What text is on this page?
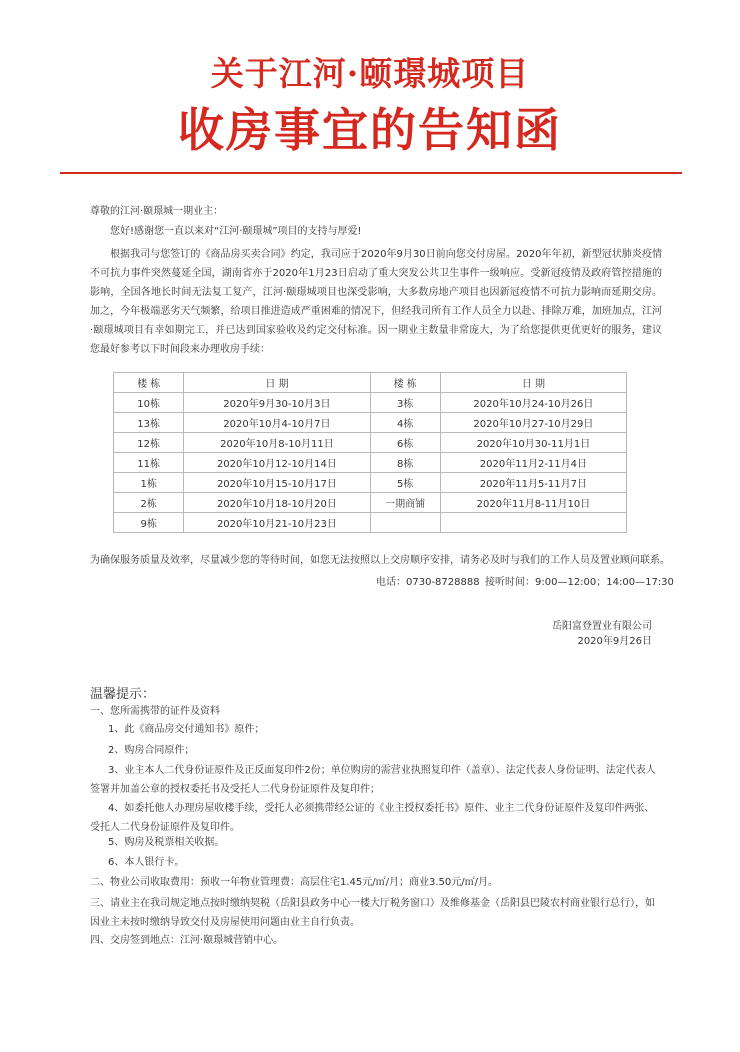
关于江河·颐璟城项目
收房事宜的告知函
尊敬的江河·颐璟城一期业主：
您好!感谢您一直以来对“江河·颐璟城”项目的支持与厚爱!
根据我司与您签订的《商品房买卖合同》约定，我司应于2020年9月30日前向您交付房屋。2020年年初，新型冠状肺炎疫情不可抗力事件突然蔓延全国，湖南省亦于2020年1月23日启动了重大突发公共卫生事件一级响应。受新冠疫情及政府管控措施的影响，全国各地长时间无法复工复产，江河·颐璟城项目也深受影响，大多数房地产项目也因新冠疫情不可抗力影响而延期交房。加之，今年极端恶劣天气频繁，给项目推进造成严重困难的情况下，但经我司所有工作人员全力以赴、排除万难，加班加点，江河·颐璟城项目有幸如期完工，并已达到国家验收及约定交付标准。因一期业主数量非常庞大，为了给您提供更优更好的服务，建议您最好参考以下时间段来办理收房手续：
楼 栋	日 期	楼 栋	日 期
10栋	2020年9月30-10月3日	3栋	2020年10月24-10月26日
13栋	2020年10月4-10月7日	4栋	2020年10月27-10月29日
12栋	2020年10月8-10月11日	6栋	2020年10月30-11月1日
11栋	2020年10月12-10月14日	8栋	2020年11月2-11月4日
1栋	2020年10月15-10月17日	5栋	2020年11月5-11月7日
2栋	2020年10月18-10月20日	一期商铺	2020年11月8-11月10日
9栋	2020年10月21-10月23日		
为确保服务质量及效率，尽量减少您的等待时间，如您无法按照以上交房顺序安排，请务必及时与我们的工作人员及置业顾问联系。
电话：0730-8728888 接听时间：9:00—12:00；14:00—17:30
岳阳富登置业有限公司
2020年9月26日
温馨提示：
一、您所需携带的证件及资料
1、此《商品房交付通知书》原件；
2、购房合同原件；
3、业主本人二代身份证原件及正反面复印件2份；单位购房的需营业执照复印件（盖章）、法定代表人身份证明、法定代表人签署并加盖公章的授权委托书及受托人二代身份证原件及复印件；
4、如委托他人办理房屋收楼手续，受托人必须携带经公证的《业主授权委托书》原件、业主二代身份证原件及复印件两张、受托人二代身份证原件及复印件。
5、购房及税票相关收据。
6、本人银行卡。
二、物业公司收取费用：预收一年物业管理费：高层住宅1.45元/㎡/月；商业3.50元/㎡/月。
三、请业主在我司规定地点按时缴纳契税（岳阳县政务中心一楼大厅税务窗口）及维修基金（岳阳县巴陵农村商业银行总行），如因业主未按时缴纳导致交付及房屋使用问题由业主自行负责。
四、交房签到地点：江河·颐璟城营销中心。
